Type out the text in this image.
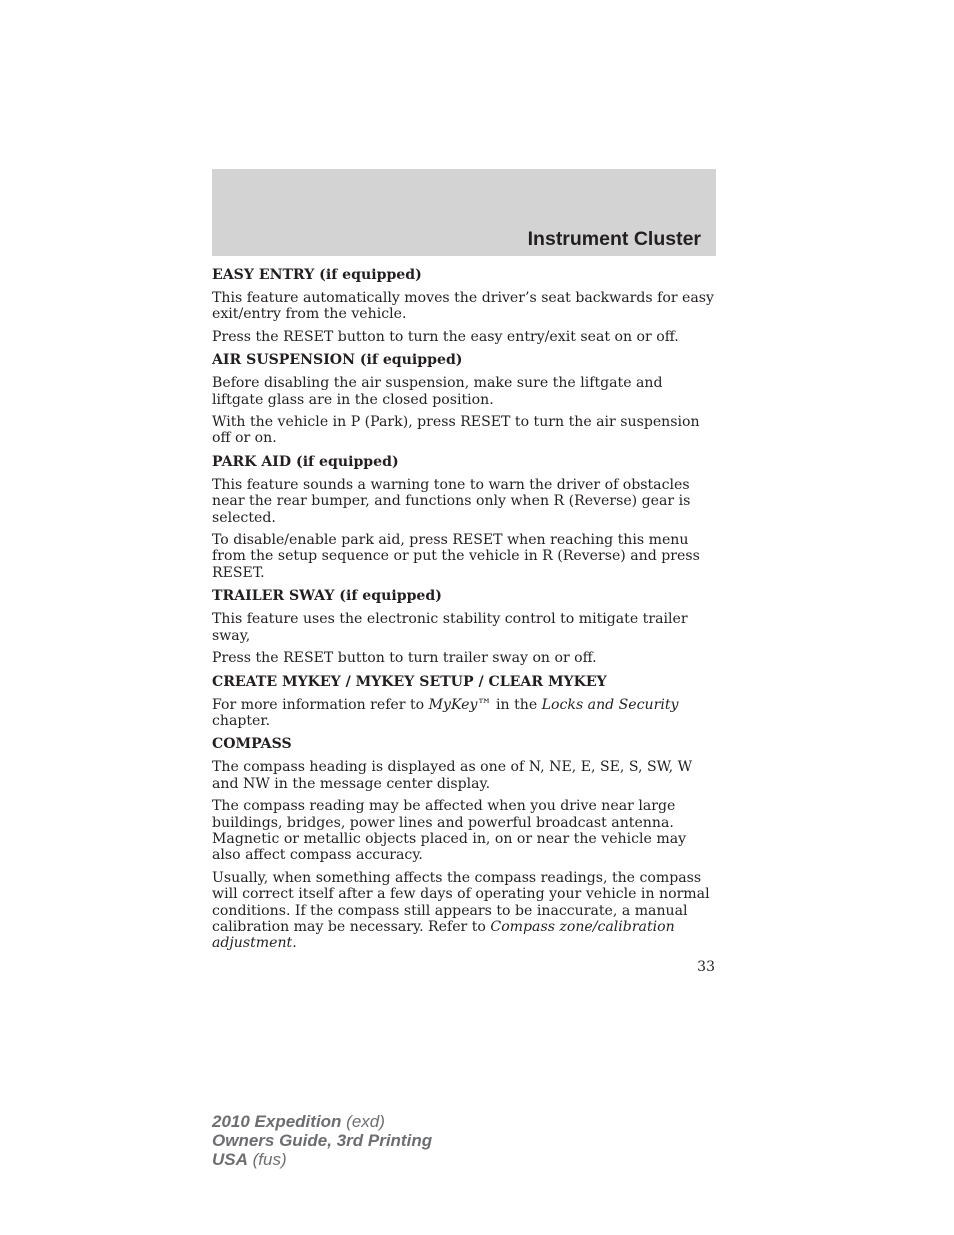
Instrument Cluster
EASY ENTRY (if equipped)

This feature automatically moves the driver’s seat backwards for easy exit/entry from the vehicle.

Press the RESET button to turn the easy entry/exit seat on or off.

AIR SUSPENSION (if equipped)

Before disabling the air suspension, make sure the liftgate and liftgate glass are in the closed position.

With the vehicle in P (Park), press RESET to turn the air suspension off or on.

PARK AID (if equipped)

This feature sounds a warning tone to warn the driver of obstacles near the rear bumper, and functions only when R (Reverse) gear is selected.

To disable/enable park aid, press RESET when reaching this menu from the setup sequence or put the vehicle in R (Reverse) and press RESET.

TRAILER SWAY (if equipped)

This feature uses the electronic stability control to mitigate trailer sway,

Press the RESET button to turn trailer sway on or off.

CREATE MYKEY / MYKEY SETUP / CLEAR MYKEY

For more information refer to MyKey™ in the Locks and Security chapter.

COMPASS

The compass heading is displayed as one of N, NE, E, SE, S, SW, W and NW in the message center display.

The compass reading may be affected when you drive near large buildings, bridges, power lines and powerful broadcast antenna. Magnetic or metallic objects placed in, on or near the vehicle may also affect compass accuracy.

Usually, when something affects the compass readings, the compass will correct itself after a few days of operating your vehicle in normal conditions. If the compass still appears to be inaccurate, a manual calibration may be necessary. Refer to Compass zone/calibration adjustment.

33
2010 Expedition (exd)
Owners Guide, 3rd Printing
USA (fus)
